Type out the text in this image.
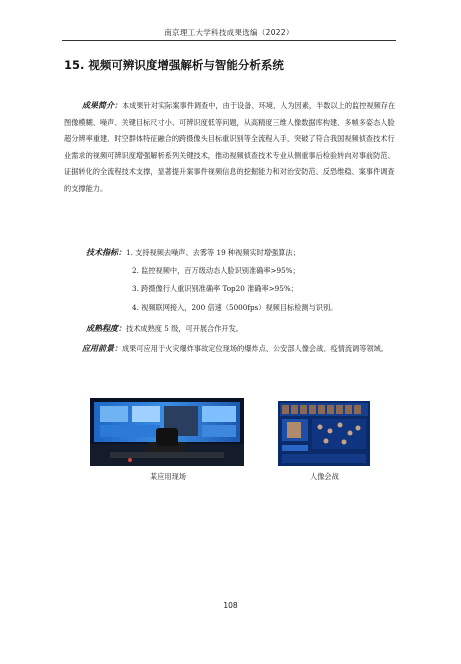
南京理工大学科技成果选编（2022）
15. 视频可辨识度增强解析与智能分析系统
成果简介：本成果针对实际案事件调查中，由于设备、环境、人为因素，半数以上的监控视频存在图像模糊、噪声、关键目标尺寸小、可辨识度低等问题，从高精度三维人像数据库构建、多帧多姿态人脸超分辨率重建、时空群体特征融合的跨摄像头目标重识别等全流程入手，突破了符合我国视频侦查技术行业需求的视频可辨识度增强解析系列关键技术，推动视频侦查技术专业从侧重事后检验转向对事前防范、证据转化的全流程技术支撑，显著提升案事件视频信息的挖掘能力和对治安防范、反恐维稳、案事件调查的支撑能力。
技术指标：1. 支持视频去噪声、去雾等 19 种视频实时增强算法；
2. 监控视频中，百万级动态人脸识别准确率>95%；
3. 跨摄像行人重识别准确率 Top20 准确率>95%；
4. 视频联网接入，200 倍速（5000fps）视频目标检测与识别。
成熟程度：技术成熟度 5 级，可开展合作开发。
应用前景：成果可应用于火灾爆炸事故定位现场的爆炸点、公安部人像会战、疫情流调等领域。
某应用现场	人像会战
108
